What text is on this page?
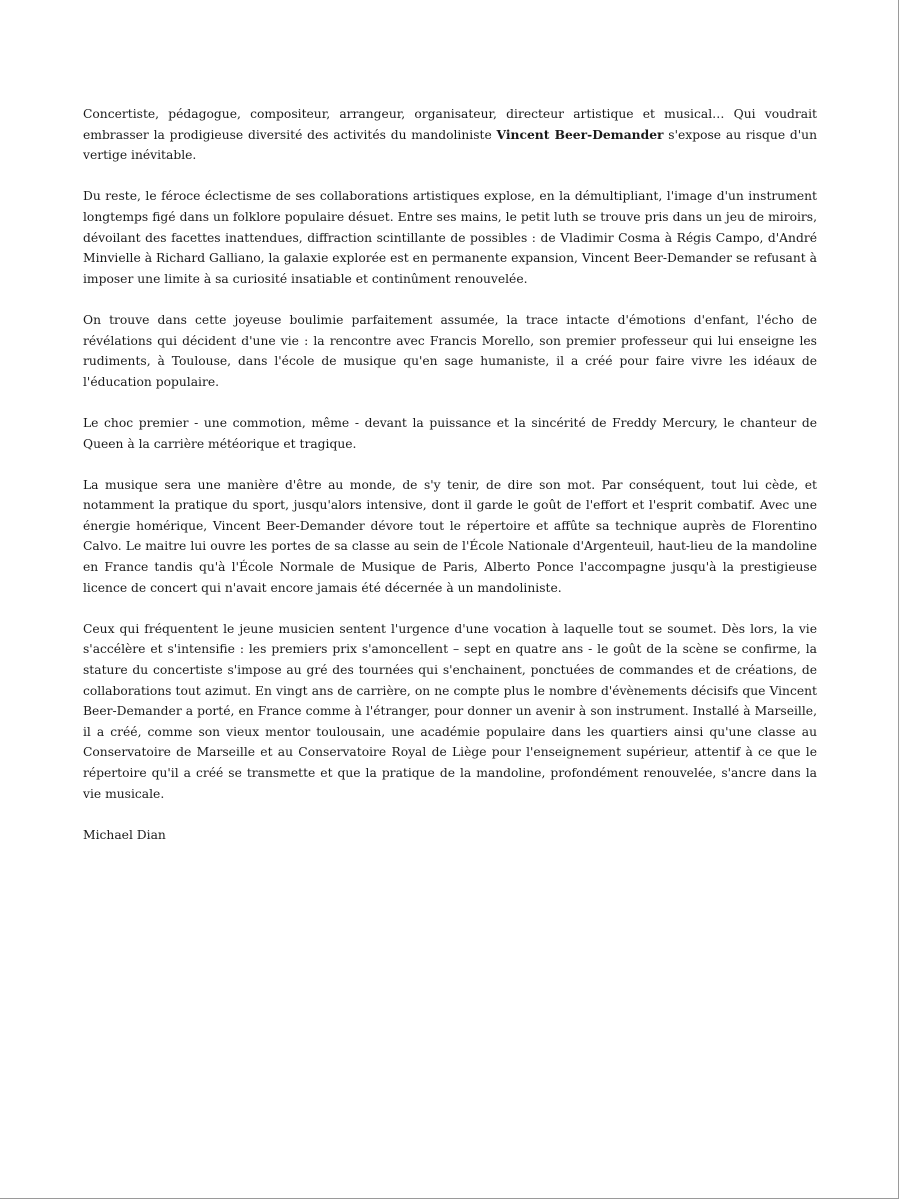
Concertiste, pédagogue, compositeur, arrangeur, organisateur, directeur artistique et musical… Qui voudrait embrasser la prodigieuse diversité des activités du mandoliniste Vincent Beer-Demander s'expose au risque d'un vertige inévitable.

Du reste, le féroce éclectisme de ses collaborations artistiques explose, en la démultipliant, l'image d'un instrument longtemps figé dans un folklore populaire désuet. Entre ses mains, le petit luth se trouve pris dans un jeu de miroirs, dévoilant des facettes inattendues, diffraction scintillante de possibles : de Vladimir Cosma à Régis Campo, d'André Minvielle à Richard Galliano, la galaxie explorée est en permanente expansion, Vincent Beer-Demander se refusant à imposer une limite à sa curiosité insatiable et continûment renouvelée.

On trouve dans cette joyeuse boulimie parfaitement assumée, la trace intacte d'émotions d'enfant, l'écho de révélations qui décident d'une vie : la rencontre avec Francis Morello, son premier professeur qui lui enseigne les rudiments, à Toulouse, dans l'école de musique qu'en sage humaniste, il a créé pour faire vivre les idéaux de l'éducation populaire.

Le choc premier - une commotion, même - devant la puissance et la sincérité de Freddy Mercury, le chanteur de Queen à la carrière météorique et tragique.

La musique sera une manière d'être au monde, de s'y tenir, de dire son mot. Par conséquent, tout lui cède, et notamment la pratique du sport, jusqu'alors intensive, dont il garde le goût de l'effort et l'esprit combatif. Avec une énergie homérique, Vincent Beer-Demander dévore tout le répertoire et affûte sa technique auprès de Florentino Calvo. Le maitre lui ouvre les portes de sa classe au sein de l'École Nationale d'Argenteuil, haut-lieu de la mandoline en France tandis qu'à l'École Normale de Musique de Paris, Alberto Ponce l'accompagne jusqu'à la prestigieuse licence de concert qui n'avait encore jamais été décernée à un mandoliniste.

Ceux qui fréquentent le jeune musicien sentent l'urgence d'une vocation à laquelle tout se soumet. Dès lors, la vie s'accélère et s'intensifie : les premiers prix s'amoncellent – sept en quatre ans - le goût de la scène se confirme, la stature du concertiste s'impose au gré des tournées qui s'enchainent, ponctuées de commandes et de créations, de collaborations tout azimut. En vingt ans de carrière, on ne compte plus le nombre d'évènements décisifs que Vincent Beer-Demander a porté, en France comme à l'étranger, pour donner un avenir à son instrument. Installé à Marseille, il a créé, comme son vieux mentor toulousain, une académie populaire dans les quartiers ainsi qu'une classe au Conservatoire de Marseille et au Conservatoire Royal de Liège pour l'enseignement supérieur, attentif à ce que le répertoire qu'il a créé se transmette et que la pratique de la mandoline, profondément renouvelée, s'ancre dans la vie musicale.

Michael Dian
